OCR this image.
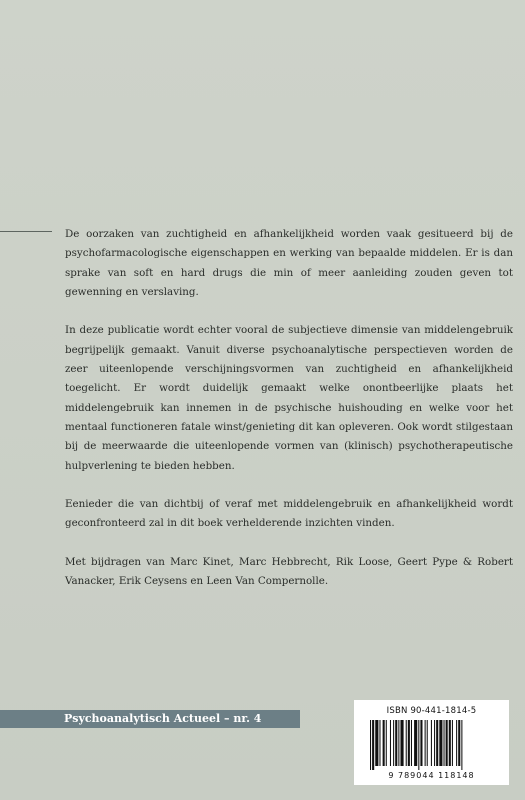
De oorzaken van zuchtigheid en afhankelijkheid worden vaak gesitueerd bij de psychofarmacologische eigenschappen en werking van bepaalde middelen. Er is dan sprake van soft en hard drugs die min of meer aanleiding zouden geven tot gewenning en verslaving.

In deze publicatie wordt echter vooral de subjectieve dimensie van middelengebruik begrijpelijk gemaakt. Vanuit diverse psychoanalytische perspectieven worden de zeer uiteenlopende verschijningsvormen van zuchtigheid en afhankelijkheid toegelicht. Er wordt duidelijk gemaakt welke onontbeerlijke plaats het middelengebruik kan innemen in de psychische huishouding en welke voor het mentaal functioneren fatale winst/genieting dit kan opleveren. Ook wordt stilgestaan bij de meerwaarde die uiteenlopende vormen van (klinisch) psychotherapeutische hulpverlening te bieden hebben.

Eenieder die van dichtbij of veraf met middelengebruik en afhankelijkheid wordt geconfronteerd zal in dit boek verhelderende inzichten vinden.

Met bijdragen van Marc Kinet, Marc Hebbrecht, Rik Loose, Geert Pype & Robert Vanacker, Erik Ceysens en Leen Van Compernolle.

Psychoanalytisch Actueel – nr. 4
ISBN 90-441-1814-5
9 789044 118148
